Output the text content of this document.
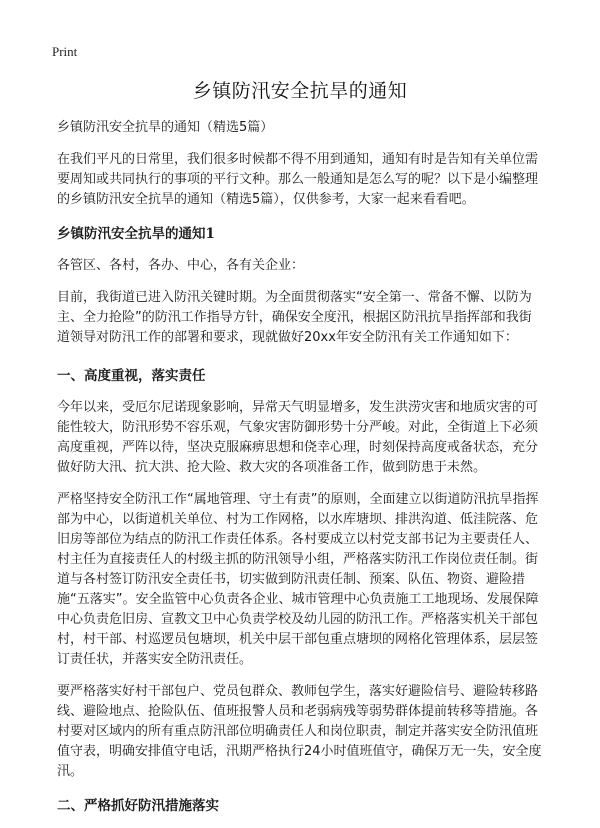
Print
乡镇防汛安全抗旱的通知
乡镇防汛安全抗旱的通知（精选5篇）

在我们平凡的日常里，我们很多时候都不得不用到通知，通知有时是告知有关单位需要周知或共同执行的事项的平行文种。那么一般通知是怎么写的呢？以下是小编整理的乡镇防汛安全抗旱的通知（精选5篇），仅供参考，大家一起来看看吧。

乡镇防汛安全抗旱的通知1

各管区、各村，各办、中心，各有关企业：

目前，我街道已进入防汛关键时期。为全面贯彻落实“安全第一、常备不懈、以防为主、全力抢险”的防汛工作指导方针，确保安全度汛，根据区防汛抗旱指挥部和我街道领导对防汛工作的部署和要求，现就做好20xx年安全防汛有关工作通知如下：

一、高度重视，落实责任

今年以来，受厄尔尼诺现象影响，异常天气明显增多，发生洪涝灾害和地质灾害的可能性较大，防汛形势不容乐观，气象灾害防御形势十分严峻。对此，全街道上下必须高度重视，严阵以待，坚决克服麻痹思想和侥幸心理，时刻保持高度戒备状态，充分做好防大汛、抗大洪、抢大险、救大灾的各项准备工作，做到防患于未然。

严格坚持安全防汛工作“属地管理、守土有责”的原则，全面建立以街道防汛抗旱指挥部为中心，以街道机关单位、村为工作网格，以水库塘坝、排洪沟道、低洼院落、危旧房等部位为结点的防汛工作责任体系。各村要成立以村党支部书记为主要责任人、村主任为直接责任人的村级主抓的防汛领导小组，严格落实防汛工作岗位责任制。街道与各村签订防汛安全责任书，切实做到防汛责任制、预案、队伍、物资、避险措施“五落实”。安全监管中心负责各企业、城市管理中心负责施工工地现场、发展保障中心负责危旧房、宣教文卫中心负责学校及幼儿园的防汛工作。严格落实机关干部包村，村干部、村巡逻员包塘坝，机关中层干部包重点塘坝的网格化管理体系，层层签订责任状，并落实安全防汛责任。

要严格落实好村干部包户、党员包群众、教师包学生，落实好避险信号、避险转移路线、避险地点、抢险队伍、值班报警人员和老弱病残等弱势群体提前转移等措施。各村要对区域内的所有重点防汛部位明确责任人和岗位职责，制定并落实安全防汛值班值守表，明确安排值守电话，汛期严格执行24小时值班值守，确保万无一失，安全度汛。

二、严格抓好防汛措施落实
